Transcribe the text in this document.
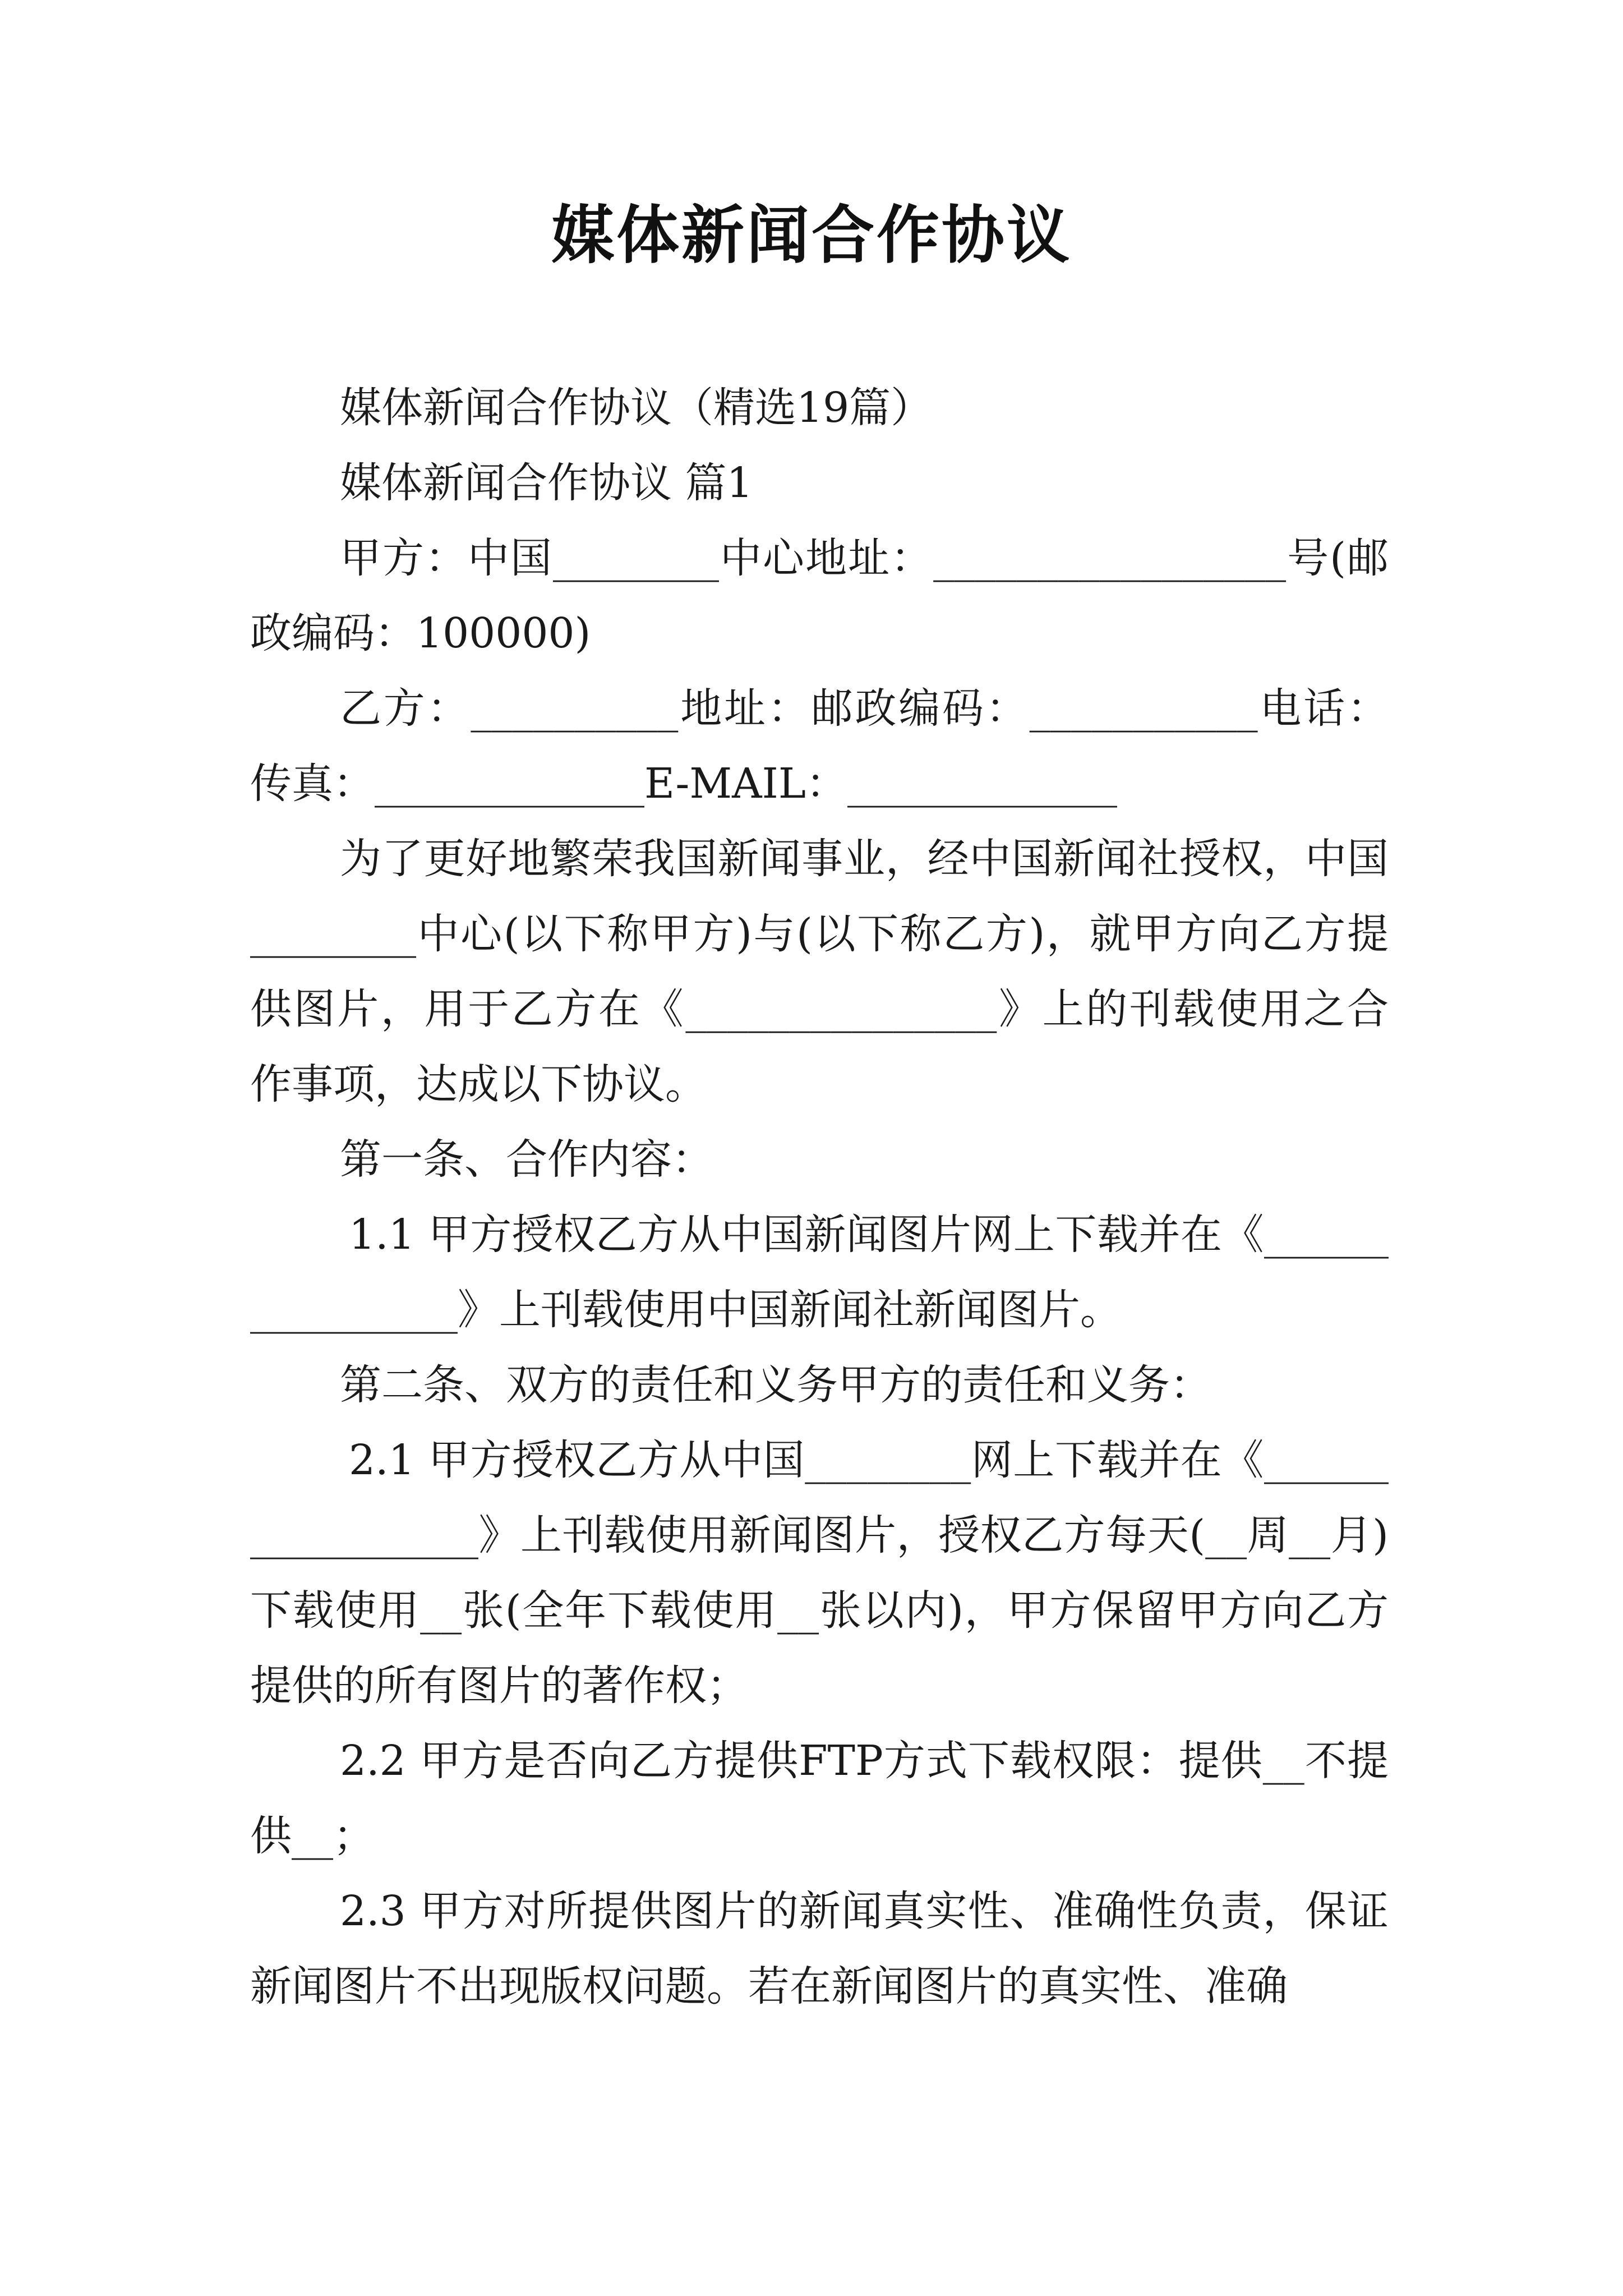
媒体新闻合作协议

媒体新闻合作协议（精选19篇）

媒体新闻合作协议 篇1

甲方：中国________中心地址：_________________号(邮政编码：100000)

乙方：__________地址：邮政编码：___________电话：传真：_____________E-MAIL：_____________

为了更好地繁荣我国新闻事业，经中国新闻社授权，中国________中心(以下称甲方)与(以下称乙方)，就甲方向乙方提供图片，用于乙方在《_______________》上的刊载使用之合作事项，达成以下协议。

第一条、合作内容：

1.1 甲方授权乙方从中国新闻图片网上下载并在《________________》上刊载使用中国新闻社新闻图片。

第二条、双方的责任和义务甲方的责任和义务：

2.1 甲方授权乙方从中国________网上下载并在《_________________》上刊载使用新闻图片，授权乙方每天(__周__月)下载使用__张(全年下载使用__张以内)，甲方保留甲方向乙方提供的所有图片的著作权；

2.2 甲方是否向乙方提供FTP方式下载权限：提供__不提供__；

2.3 甲方对所提供图片的新闻真实性、准确性负责，保证新闻图片不出现版权问题。若在新闻图片的真实性、准确
